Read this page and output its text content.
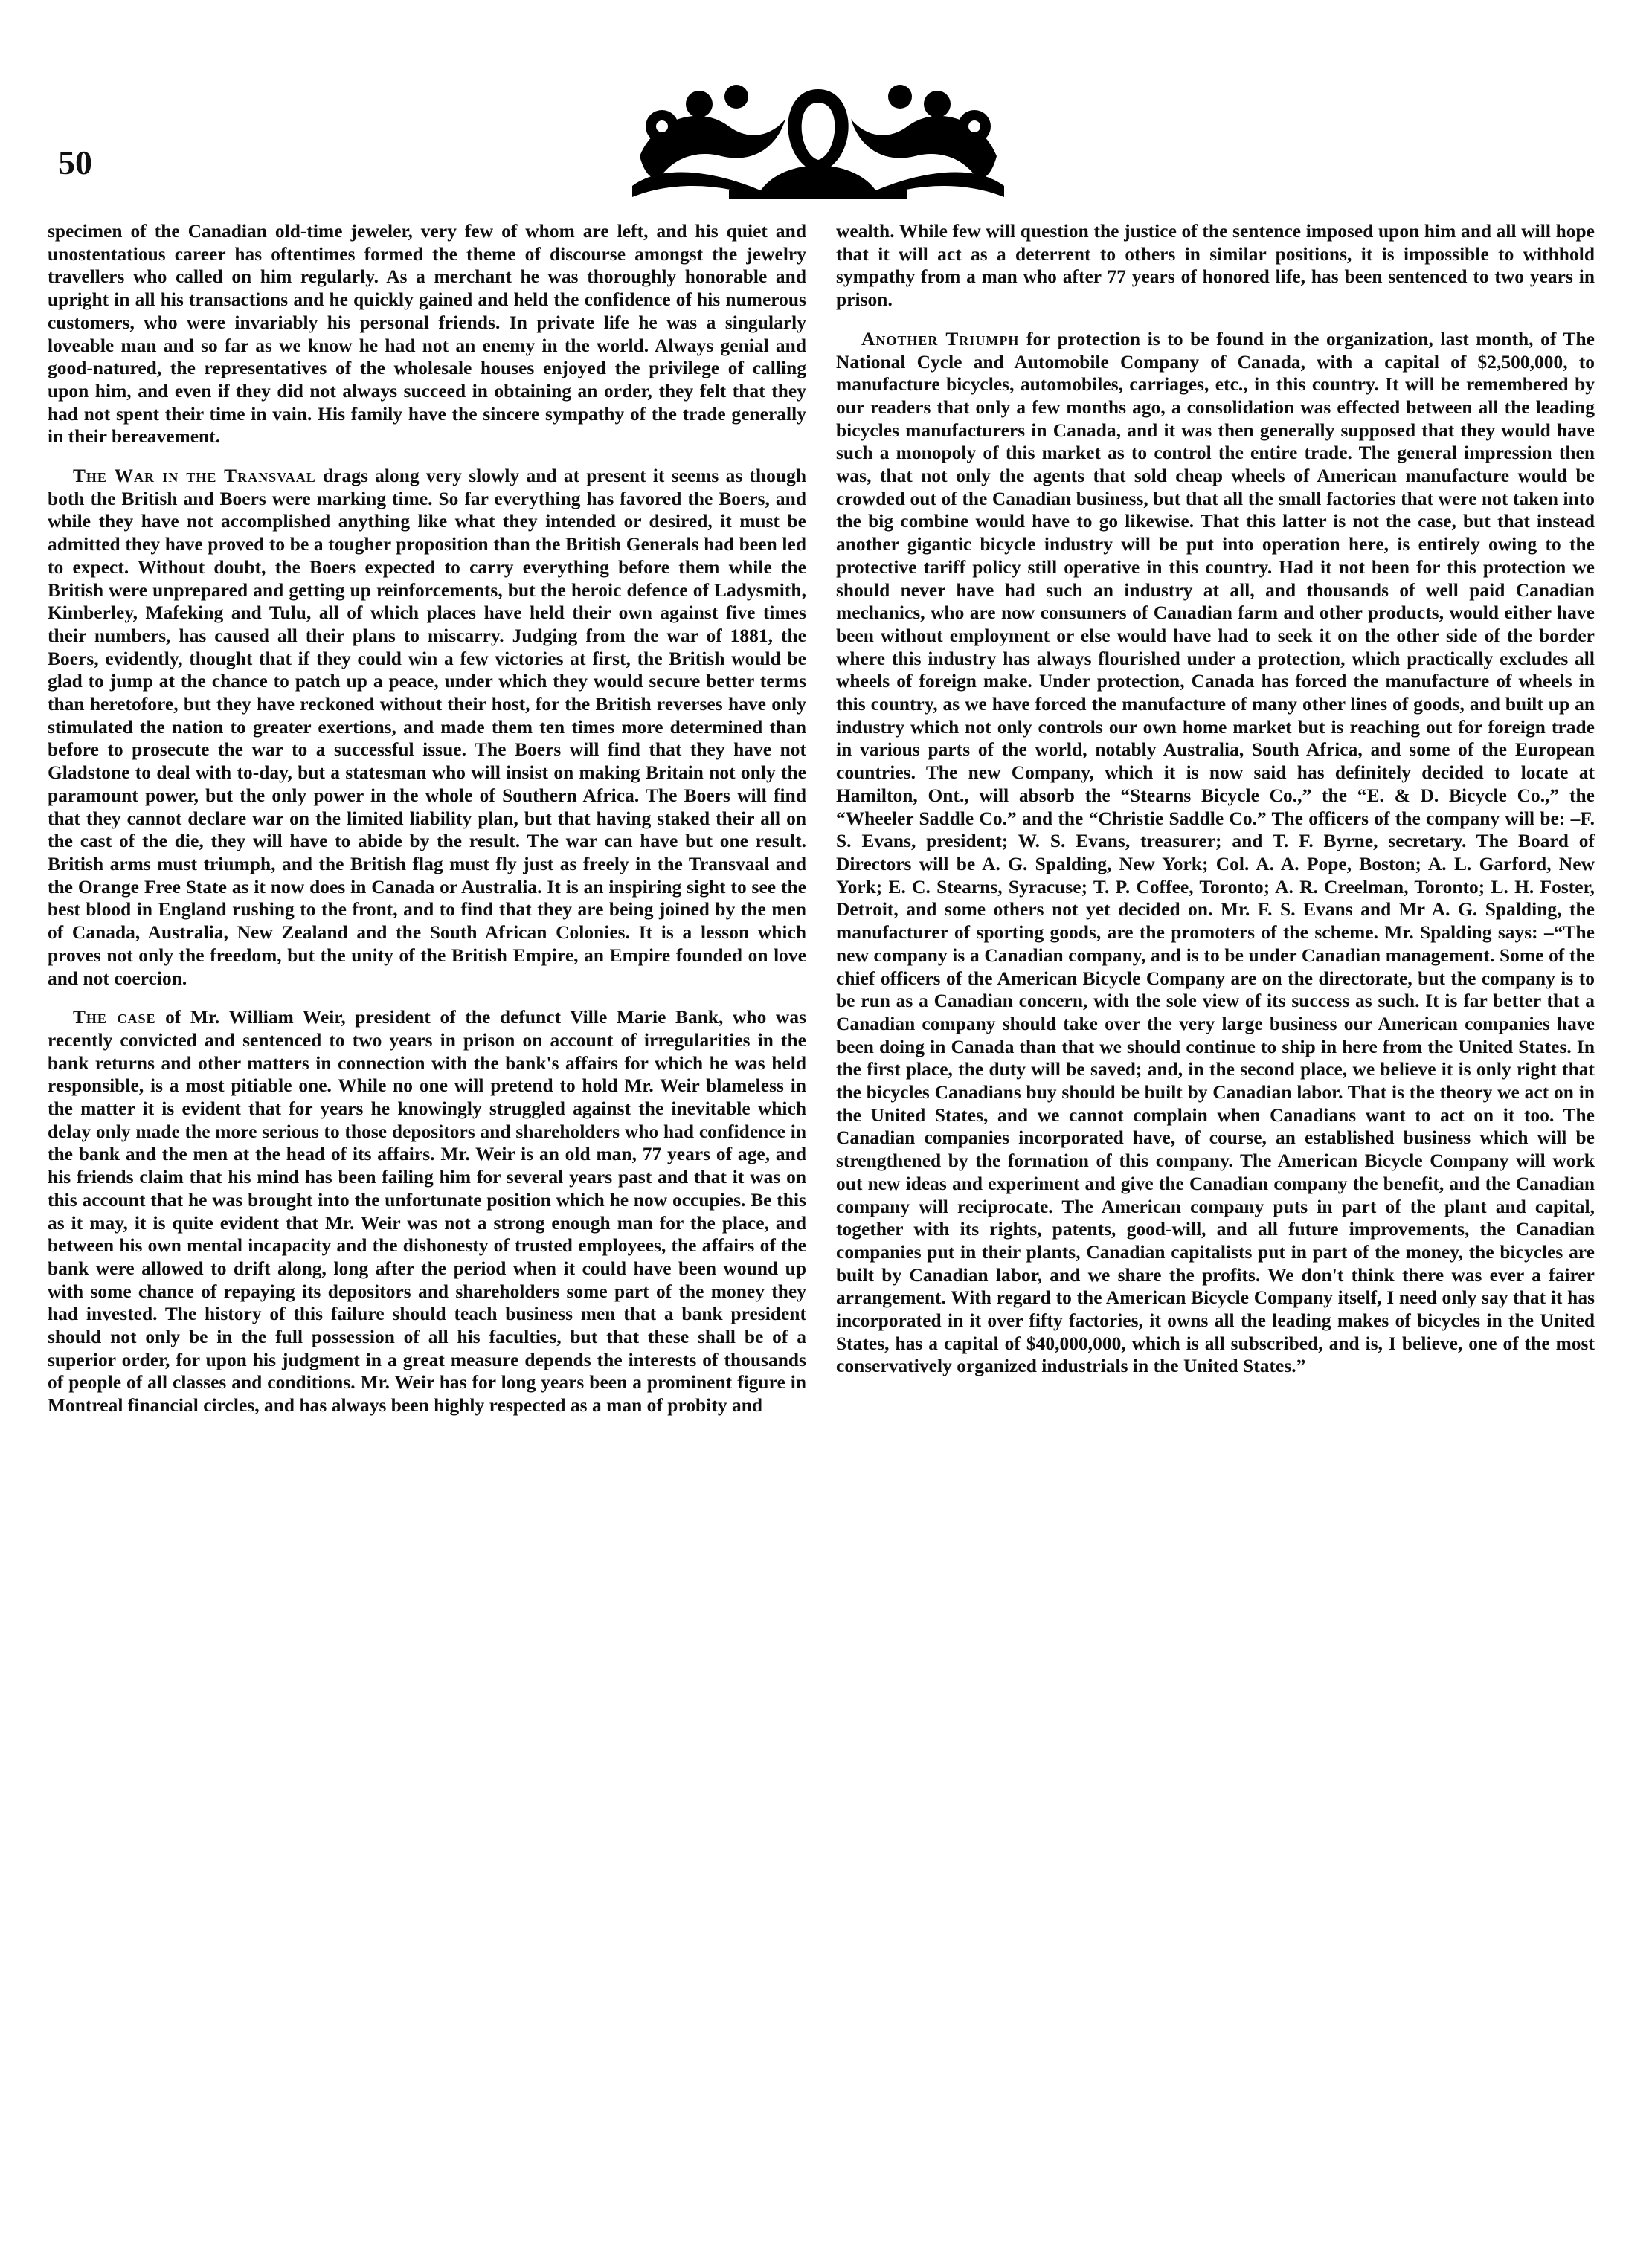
50

specimen of the Canadian old-time jeweler, very few of whom are left, and his quiet and unostentatious career has oftentimes formed the theme of discourse amongst the jewelry travellers who called on him regularly. As a merchant he was thoroughly honorable and upright in all his transactions and he quickly gained and held the confidence of his numerous customers, who were invariably his personal friends. In private life he was a singularly loveable man and so far as we know he had not an enemy in the world. Always genial and good-natured, the representatives of the wholesale houses enjoyed the privilege of calling upon him, and even if they did not always succeed in obtaining an order, they felt that they had not spent their time in vain. His family have the sincere sympathy of the trade generally in their bereavement.

The War in the Transvaal drags along very slowly and at present it seems as though both the British and Boers were marking time. So far everything has favored the Boers, and while they have not accomplished anything like what they intended or desired, it must be admitted they have proved to be a tougher proposition than the British Generals had been led to expect. Without doubt, the Boers expected to carry everything before them while the British were unprepared and getting up reinforcements, but the heroic defence of Ladysmith, Kimberley, Mafeking and Tulu, all of which places have held their own against five times their numbers, has caused all their plans to miscarry. Judging from the war of 1881, the Boers, evidently, thought that if they could win a few victories at first, the British would be glad to jump at the chance to patch up a peace, under which they would secure better terms than heretofore, but they have reckoned without their host, for the British reverses have only stimulated the nation to greater exertions, and made them ten times more determined than before to prosecute the war to a successful issue. The Boers will find that they have not Gladstone to deal with to-day, but a statesman who will insist on making Britain not only the paramount power, but the only power in the whole of Southern Africa. The Boers will find that they cannot declare war on the limited liability plan, but that having staked their all on the cast of the die, they will have to abide by the result. The war can have but one result. British arms must triumph, and the British flag must fly just as freely in the Transvaal and the Orange Free State as it now does in Canada or Australia. It is an inspiring sight to see the best blood in England rushing to the front, and to find that they are being joined by the men of Canada, Australia, New Zealand and the South African Colonies. It is a lesson which proves not only the freedom, but the unity of the British Empire, an Empire founded on love and not coercion.

The case of Mr. William Weir, president of the defunct Ville Marie Bank, who was recently convicted and sentenced to two years in prison on account of irregularities in the bank returns and other matters in connection with the bank's affairs for which he was held responsible, is a most pitiable one. While no one will pretend to hold Mr. Weir blameless in the matter it is evident that for years he knowingly struggled against the inevitable which delay only made the more serious to those depositors and shareholders who had confidence in the bank and the men at the head of its affairs. Mr. Weir is an old man, 77 years of age, and his friends claim that his mind has been failing him for several years past and that it was on this account that he was brought into the unfortunate position which he now occupies. Be this as it may, it is quite evident that Mr. Weir was not a strong enough man for the place, and between his own mental incapacity and the dishonesty of trusted employees, the affairs of the bank were allowed to drift along, long after the period when it could have been wound up with some chance of repaying its depositors and shareholders some part of the money they had invested. The history of this failure should teach business men that a bank president should not only be in the full possession of all his faculties, but that these shall be of a superior order, for upon his judgment in a great measure depends the interests of thousands of people of all classes and conditions. Mr. Weir has for long years been a prominent figure in Montreal financial circles, and has always been highly respected as a man of probity and

wealth. While few will question the justice of the sentence imposed upon him and all will hope that it will act as a deterrent to others in similar positions, it is impossible to withhold sympathy from a man who after 77 years of honored life, has been sentenced to two years in prison.

Another Triumph for protection is to be found in the organization, last month, of The National Cycle and Automobile Company of Canada, with a capital of $2,500,000, to manufacture bicycles, automobiles, carriages, etc., in this country. It will be remembered by our readers that only a few months ago, a consolidation was effected between all the leading bicycles manufacturers in Canada, and it was then generally supposed that they would have such a monopoly of this market as to control the entire trade. The general impression then was, that not only the agents that sold cheap wheels of American manufacture would be crowded out of the Canadian business, but that all the small factories that were not taken into the big combine would have to go likewise. That this latter is not the case, but that instead another gigantic bicycle industry will be put into operation here, is entirely owing to the protective tariff policy still operative in this country. Had it not been for this protection we should never have had such an industry at all, and thousands of well paid Canadian mechanics, who are now consumers of Canadian farm and other products, would either have been without employment or else would have had to seek it on the other side of the border where this industry has always flourished under a protection, which practically excludes all wheels of foreign make. Under protection, Canada has forced the manufacture of wheels in this country, as we have forced the manufacture of many other lines of goods, and built up an industry which not only controls our own home market but is reaching out for foreign trade in various parts of the world, notably Australia, South Africa, and some of the European countries. The new Company, which it is now said has definitely decided to locate at Hamilton, Ont., will absorb the “Stearns Bicycle Co.,” the “E. & D. Bicycle Co.,” the “Wheeler Saddle Co.” and the “Christie Saddle Co.” The officers of the company will be: –F. S. Evans, president; W. S. Evans, treasurer; and T. F. Byrne, secretary. The Board of Directors will be A. G. Spalding, New York; Col. A. A. Pope, Boston; A. L. Garford, New York; E. C. Stearns, Syracuse; T. P. Coffee, Toronto; A. R. Creelman, Toronto; L. H. Foster, Detroit, and some others not yet decided on. Mr. F. S. Evans and Mr A. G. Spalding, the manufacturer of sporting goods, are the promoters of the scheme. Mr. Spalding says: –“The new company is a Canadian company, and is to be under Canadian management. Some of the chief officers of the American Bicycle Company are on the directorate, but the company is to be run as a Canadian concern, with the sole view of its success as such. It is far better that a Canadian company should take over the very large business our American companies have been doing in Canada than that we should continue to ship in here from the United States. In the first place, the duty will be saved; and, in the second place, we believe it is only right that the bicycles Canadians buy should be built by Canadian labor. That is the theory we act on in the United States, and we cannot complain when Canadians want to act on it too. The Canadian companies incorporated have, of course, an established business which will be strengthened by the formation of this company. The American Bicycle Company will work out new ideas and experiment and give the Canadian company the benefit, and the Canadian company will reciprocate. The American company puts in part of the plant and capital, together with its rights, patents, good-will, and all future improvements, the Canadian companies put in their plants, Canadian capitalists put in part of the money, the bicycles are built by Canadian labor, and we share the profits. We don't think there was ever a fairer arrangement. With regard to the American Bicycle Company itself, I need only say that it has incorporated in it over fifty factories, it owns all the leading makes of bicycles in the United States, has a capital of $40,000,000, which is all subscribed, and is, I believe, one of the most conservatively organized industrials in the United States.”
